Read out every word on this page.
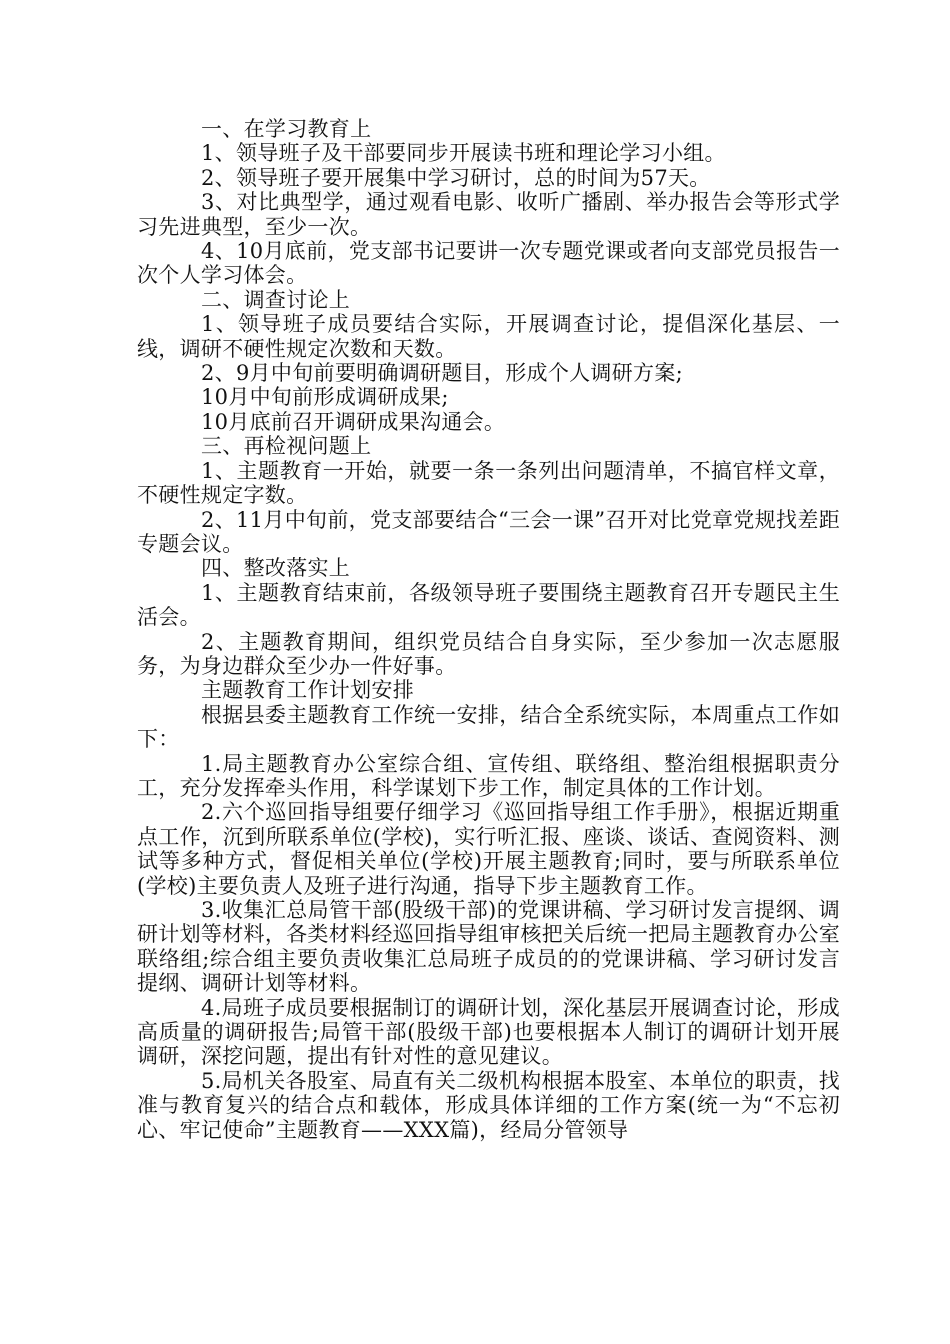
一、在学习教育上

1、领导班子及干部要同步开展读书班和理论学习小组。

2、领导班子要开展集中学习研讨，总的时间为57天。

3、对比典型学，通过观看电影、收听广播剧、举办报告会等形式学习先进典型，至少一次。

4、10月底前，党支部书记要讲一次专题党课或者向支部党员报告一次个人学习体会。

二、调查讨论上

1、领导班子成员要结合实际，开展调查讨论，提倡深化基层、一线，调研不硬性规定次数和天数。

2、9月中旬前要明确调研题目，形成个人调研方案;

10月中旬前形成调研成果;

10月底前召开调研成果沟通会。

三、再检视问题上

1、主题教育一开始，就要一条一条列出问题清单，不搞官样文章，不硬性规定字数。

2、11月中旬前，党支部要结合“三会一课”召开对比党章党规找差距专题会议。

四、整改落实上

1、主题教育结束前，各级领导班子要围绕主题教育召开专题民主生活会。

2、主题教育期间，组织党员结合自身实际，至少参加一次志愿服务，为身边群众至少办一件好事。

主题教育工作计划安排

根据县委主题教育工作统一安排，结合全系统实际，本周重点工作如下：

1.局主题教育办公室综合组、宣传组、联络组、整治组根据职责分工，充分发挥牵头作用，科学谋划下步工作，制定具体的工作计划。

2.六个巡回指导组要仔细学习《巡回指导组工作手册》，根据近期重点工作，沉到所联系单位(学校)，实行听汇报、座谈、谈话、查阅资料、测试等多种方式，督促相关单位(学校)开展主题教育;同时，要与所联系单位(学校)主要负责人及班子进行沟通，指导下步主题教育工作。

3.收集汇总局管干部(股级干部)的党课讲稿、学习研讨发言提纲、调研计划等材料，各类材料经巡回指导组审核把关后统一把局主题教育办公室联络组;综合组主要负责收集汇总局班子成员的的党课讲稿、学习研讨发言提纲、调研计划等材料。

4.局班子成员要根据制订的调研计划，深化基层开展调查讨论，形成高质量的调研报告;局管干部(股级干部)也要根据本人制订的调研计划开展调研，深挖问题，提出有针对性的意见建议。

5.局机关各股室、局直有关二级机构根据本股室、本单位的职责，找准与教育复兴的结合点和载体，形成具体详细的工作方案(统一为“不忘初心、牢记使命”主题教育——XXX篇)，经局分管领导
